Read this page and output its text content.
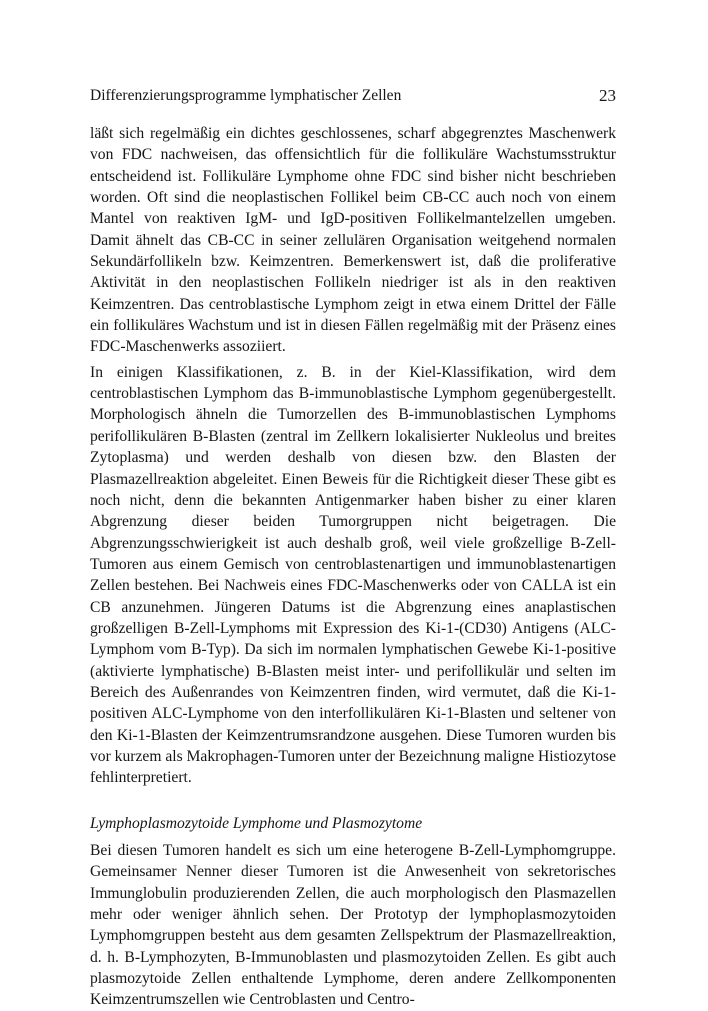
Differenzierungsprogramme lymphatischer Zellen	23

läßt sich regelmäßig ein dichtes geschlossenes, scharf abgegrenztes Maschenwerk von FDC nachweisen, das offensichtlich für die follikuläre Wachstumsstruktur entscheidend ist. Follikuläre Lymphome ohne FDC sind bisher nicht beschrieben worden. Oft sind die neoplastischen Follikel beim CB-CC auch noch von einem Mantel von reaktiven IgM- und IgD-positiven Follikelmantelzellen umgeben. Damit ähnelt das CB-CC in seiner zellulären Organisation weitgehend normalen Sekundärfollikeln bzw. Keimzentren. Bemerkenswert ist, daß die proliferative Aktivität in den neoplastischen Follikeln niedriger ist als in den reaktiven Keimzentren. Das centroblastische Lymphom zeigt in etwa einem Drittel der Fälle ein follikuläres Wachstum und ist in diesen Fällen regelmäßig mit der Präsenz eines FDC-Maschenwerks assoziiert.

In einigen Klassifikationen, z. B. in der Kiel-Klassifikation, wird dem centroblastischen Lymphom das B-immunoblastische Lymphom gegenübergestellt. Morphologisch ähneln die Tumorzellen des B-immunoblastischen Lymphoms perifollikulären B-Blasten (zentral im Zellkern lokalisierter Nukleolus und breites Zytoplasma) und werden deshalb von diesen bzw. den Blasten der Plasmazellreaktion abgeleitet. Einen Beweis für die Richtigkeit dieser These gibt es noch nicht, denn die bekannten Antigenmarker haben bisher zu einer klaren Abgrenzung dieser beiden Tumorgruppen nicht beigetragen. Die Abgrenzungsschwierigkeit ist auch deshalb groß, weil viele großzellige B-Zell-Tumoren aus einem Gemisch von centroblastenartigen und immunoblastenartigen Zellen bestehen. Bei Nachweis eines FDC-Maschenwerks oder von CALLA ist ein CB anzunehmen. Jüngeren Datums ist die Abgrenzung eines anaplastischen großzelligen B-Zell-Lymphoms mit Expression des Ki-1-(CD30) Antigens (ALC-Lymphom vom B-Typ). Da sich im normalen lymphatischen Gewebe Ki-1-positive (aktivierte lymphatische) B-Blasten meist inter- und perifollikulär und selten im Bereich des Außenrandes von Keimzentren finden, wird vermutet, daß die Ki-1-positiven ALC-Lymphome von den interfollikulären Ki-1-Blasten und seltener von den Ki-1-Blasten der Keimzentrumsrandzone ausgehen. Diese Tumoren wurden bis vor kurzem als Makrophagen-Tumoren unter der Bezeichnung maligne Histiozytose fehlinterpretiert.

Lymphoplasmozytoide Lymphome und Plasmozytome

Bei diesen Tumoren handelt es sich um eine heterogene B-Zell-Lymphomgruppe. Gemeinsamer Nenner dieser Tumoren ist die Anwesenheit von sekretorisches Immunglobulin produzierenden Zellen, die auch morphologisch den Plasmazellen mehr oder weniger ähnlich sehen. Der Prototyp der lymphoplasmozytoiden Lymphomgruppen besteht aus dem gesamten Zellspektrum der Plasmazellreaktion, d. h. B-Lymphozyten, B-Immunoblasten und plasmozytoiden Zellen. Es gibt auch plasmozytoide Zellen enthaltende Lymphome, deren andere Zellkomponenten Keimzentrumszellen wie Centroblasten und Centro-
